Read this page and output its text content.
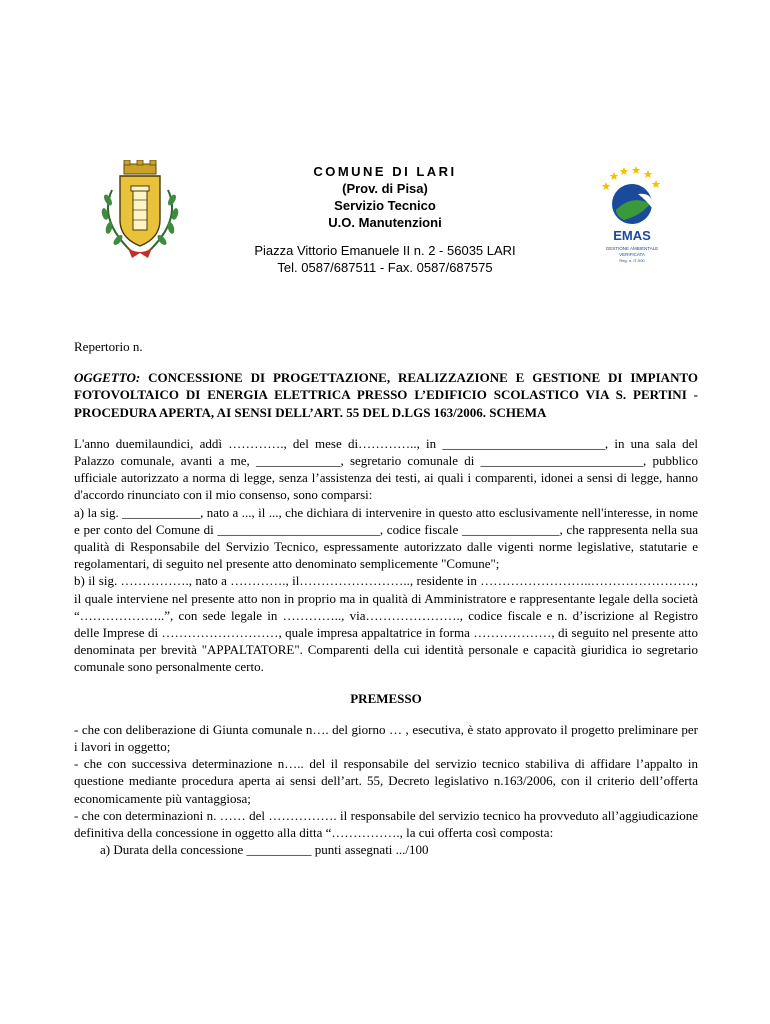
EMAS
GESTIONE AMBIENTALE
VERIFICATA
Reg. n. IT-000
COMUNE DI LARI
(Prov. di Pisa)
Servizio Tecnico
U.O. Manutenzioni
Piazza Vittorio Emanuele II n. 2 - 56035 LARI
Tel. 0587/687511 - Fax. 0587/687575

Repertorio n.

OGGETTO: CONCESSIONE DI PROGETTAZIONE, REALIZZAZIONE E GESTIONE DI IMPIANTO FOTOVOLTAICO DI ENERGIA ELETTRICA PRESSO L’EDIFICIO SCOLASTICO VIA S. PERTINI - PROCEDURA APERTA, AI SENSI DELL’ART. 55 DEL D.LGS 163/2006. SCHEMA

L'anno duemilaundici, addì …………., del mese di………….., in _________________________, in una sala del Palazzo comunale, avanti a me, _____________, segretario comunale di _________________________, pubblico ufficiale autorizzato a norma di legge, senza l’assistenza dei testi, ai quali i comparenti, idonei a sensi di legge, hanno d'accordo rinunciato con il mio consenso, sono comparsi:

a) la sig. ____________, nato a ..., il ..., che dichiara di intervenire in questo atto esclusivamente nell'interesse, in nome e per conto del Comune di _________________________, codice fiscale _______________, che rappresenta nella sua qualità di Responsabile del Servizio Tecnico, espressamente autorizzato dalle vigenti norme legislative, statutarie e regolamentari, di seguito nel presente atto denominato semplicemente "Comune";

b) il sig. ……………., nato a …………., il…………………….., residente in ……………………..……………………, il quale interviene nel presente atto non in proprio ma in qualità di Amministratore e rappresentante legale della società “………………..”, con sede legale in ………….., via…………………., codice fiscale e n. d’iscrizione al Registro delle Imprese di ………………………, quale impresa appaltatrice in forma ………………, di seguito nel presente atto denominata per brevità "APPALTATORE". Comparenti della cui identità personale e capacità giuridica io segretario comunale sono personalmente certo.

PREMESSO

- che con deliberazione di Giunta comunale n…. del giorno … , esecutiva, è stato approvato il progetto preliminare per i lavori in oggetto;

- che con successiva determinazione n….. del il responsabile del servizio tecnico stabiliva di affidare l’appalto in questione mediante procedura aperta ai sensi dell’art. 55, Decreto legislativo n.163/2006, con il criterio dell’offerta economicamente più vantaggiosa;

- che con determinazioni n. …… del ……………. il responsabile del servizio tecnico ha provveduto all’aggiudicazione definitiva della concessione in oggetto alla ditta “……………., la cui offerta così composta:

a) Durata della concessione __________ punti assegnati .../100
